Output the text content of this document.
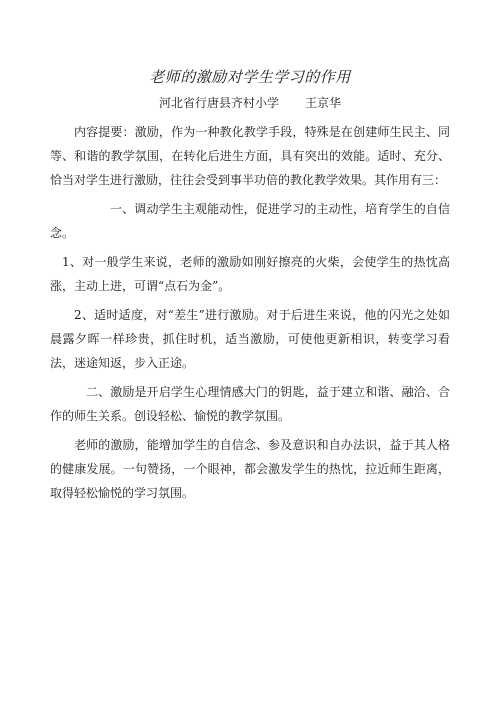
老师的激励对学生学习的作用
河北省行唐县齐村小学 王京华

内容提要：激励，作为一种教化教学手段，特殊是在创建师生民主、同等、和谐的教学氛围，在转化后进生方面，具有突出的效能。适时、充分、恰当对学生进行激励，往往会受到事半功倍的教化教学效果。其作用有三：

一、调动学生主观能动性，促进学习的主动性，培育学生的自信念。

1、对一般学生来说，老师的激励如刚好擦亮的火柴，会使学生的热忱高涨，主动上进，可谓“点石为金”。

2、适时适度，对“差生”进行激励。对于后进生来说，他的闪光之处如晨露夕晖一样珍贵，抓住时机，适当激励，可使他更新相识，转变学习看法，迷途知返，步入正途。

二、激励是开启学生心理情感大门的钥匙，益于建立和谐、融洽、合作的师生关系。创设轻松、愉悦的教学氛围。

老师的激励，能增加学生的自信念、参及意识和自办法识，益于其人格的健康发展。一句赞扬，一个眼神，都会激发学生的热忱，拉近师生距离，取得轻松愉悦的学习氛围。
